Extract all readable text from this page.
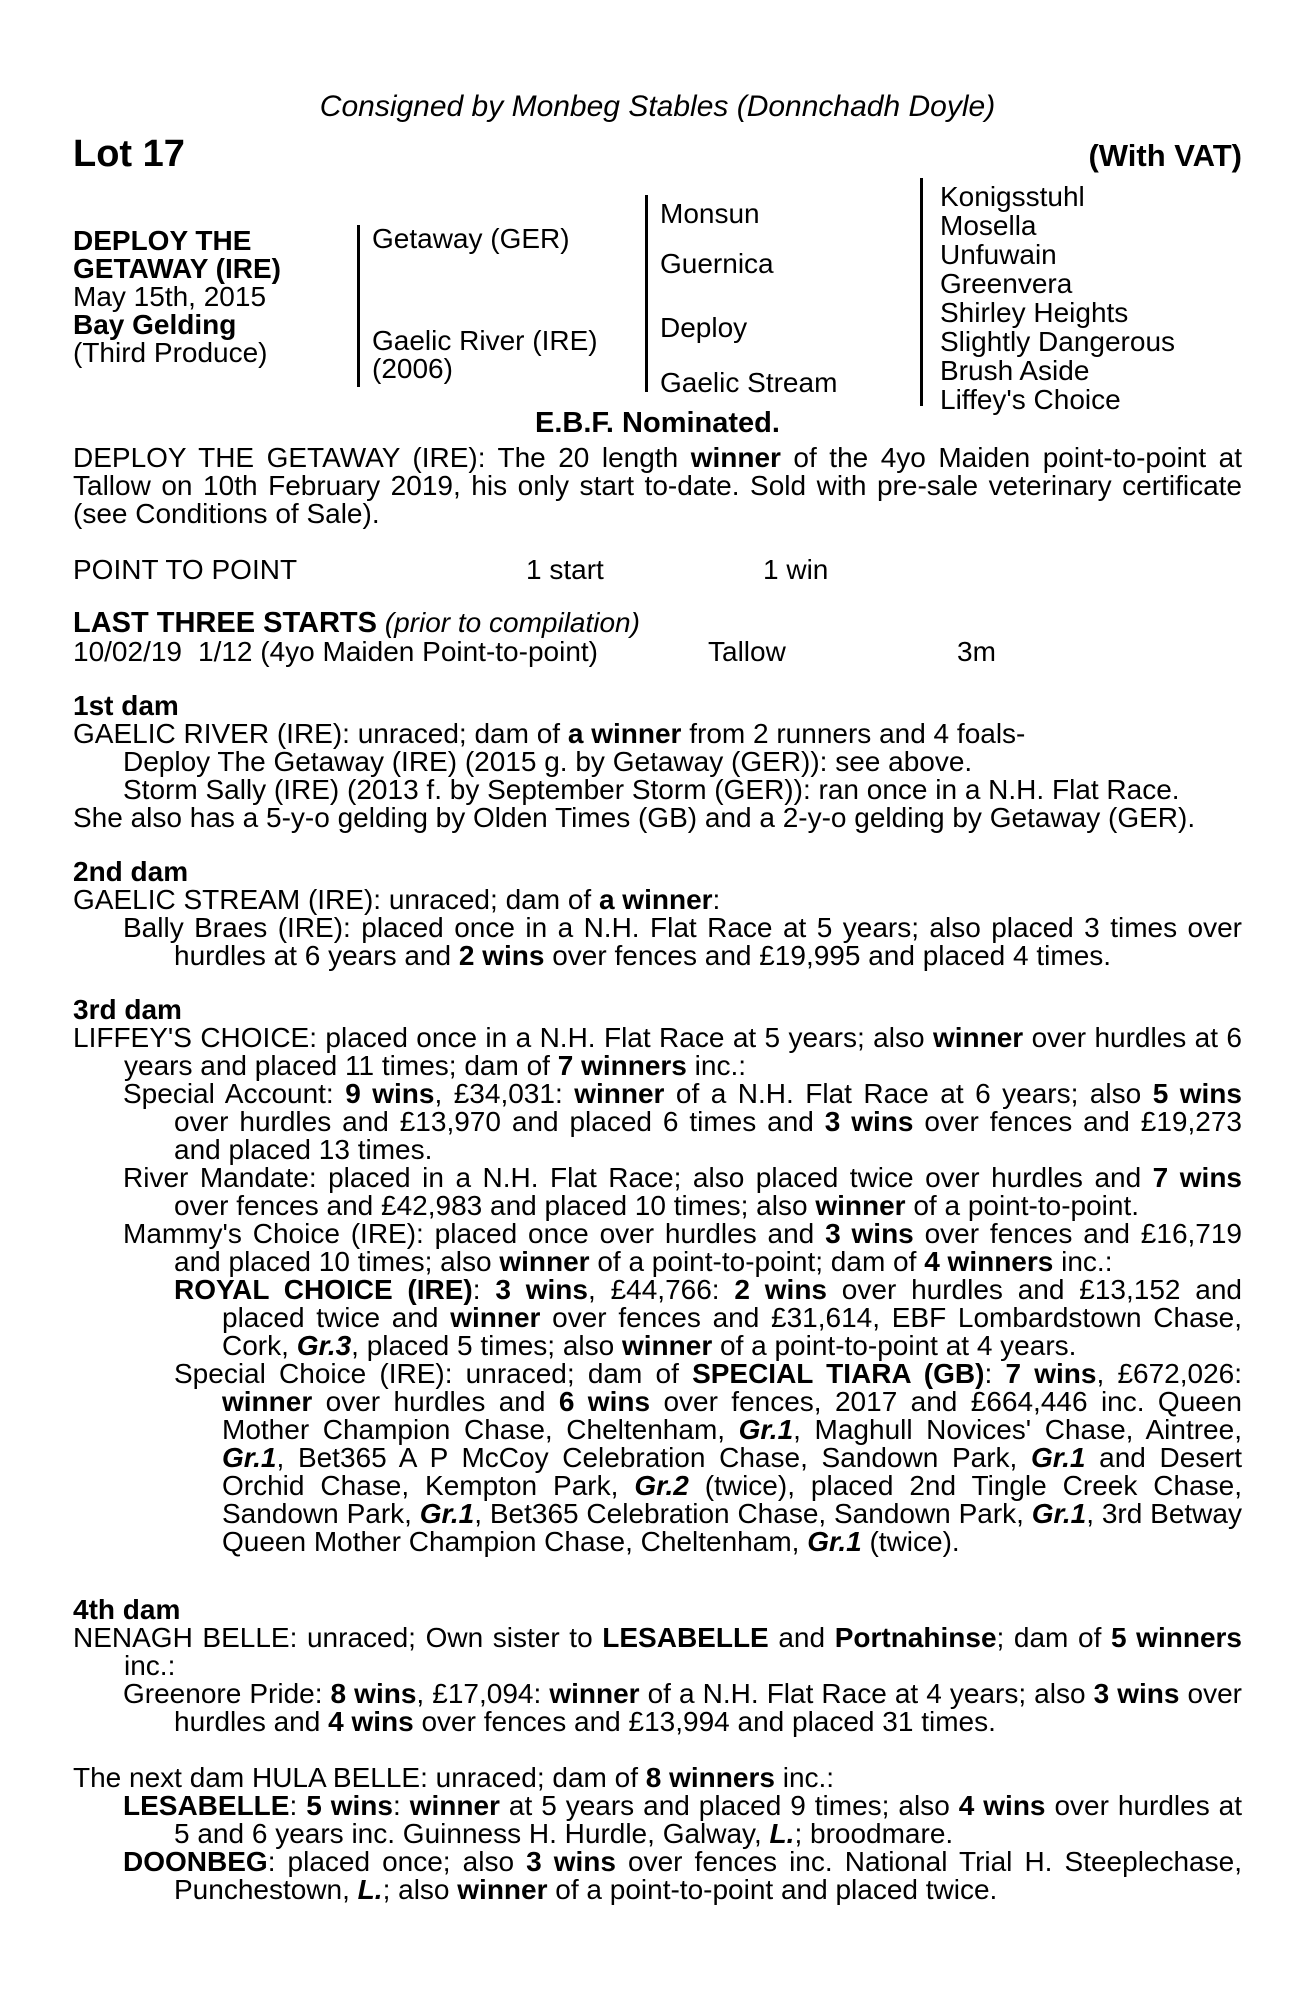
Consigned by Monbeg Stables (Donnchadh Doyle)
Lot 17	(With VAT)
DEPLOY THE
GETAWAY (IRE)
May 15th, 2015
Bay Gelding
(Third Produce)
Getaway (GER)
Gaelic River (IRE)
(2006)
Monsun
Guernica
Deploy
Gaelic Stream
Konigsstuhl
Mosella
Unfuwain
Greenvera
Shirley Heights
Slightly Dangerous
Brush Aside
Liffey's Choice
E.B.F. Nominated.

DEPLOY THE GETAWAY (IRE): The 20 length winner of the 4yo Maiden point-to-point at Tallow on 10th February 2019, his only start to-date. Sold with pre-sale veterinary certificate (see Conditions of Sale).

POINT TO POINT	1 start	1 win
LAST THREE STARTS (prior to compilation)
10/02/19 1/12 (4yo Maiden Point-to-point)	Tallow	3m
1st dam

GAELIC RIVER (IRE): unraced; dam of a winner from 2 runners and 4 foals-

Deploy The Getaway (IRE) (2015 g. by Getaway (GER)): see above.

Storm Sally (IRE) (2013 f. by September Storm (GER)): ran once in a N.H. Flat Race.

She also has a 5-y-o gelding by Olden Times (GB) and a 2-y-o gelding by Getaway (GER).

2nd dam

GAELIC STREAM (IRE): unraced; dam of a winner:

Bally Braes (IRE): placed once in a N.H. Flat Race at 5 years; also placed 3 times over hurdles at 6 years and 2 wins over fences and £19,995 and placed 4 times.

3rd dam

LIFFEY'S CHOICE: placed once in a N.H. Flat Race at 5 years; also winner over hurdles at 6 years and placed 11 times; dam of 7 winners inc.:

Special Account: 9 wins, £34,031: winner of a N.H. Flat Race at 6 years; also 5 wins over hurdles and £13,970 and placed 6 times and 3 wins over fences and £19,273 and placed 13 times.

River Mandate: placed in a N.H. Flat Race; also placed twice over hurdles and 7 wins over fences and £42,983 and placed 10 times; also winner of a point-to-point.

Mammy's Choice (IRE): placed once over hurdles and 3 wins over fences and £16,719 and placed 10 times; also winner of a point-to-point; dam of 4 winners inc.:

ROYAL CHOICE (IRE): 3 wins, £44,766: 2 wins over hurdles and £13,152 and placed twice and winner over fences and £31,614, EBF Lombardstown Chase, Cork, Gr.3, placed 5 times; also winner of a point-to-point at 4 years.

Special Choice (IRE): unraced; dam of SPECIAL TIARA (GB): 7 wins, £672,026: winner over hurdles and 6 wins over fences, 2017 and £664,446 inc. Queen Mother Champion Chase, Cheltenham, Gr.1, Maghull Novices' Chase, Aintree, Gr.1, Bet365 A P McCoy Celebration Chase, Sandown Park, Gr.1 and Desert Orchid Chase, Kempton Park, Gr.2 (twice), placed 2nd Tingle Creek Chase, Sandown Park, Gr.1, Bet365 Celebration Chase, Sandown Park, Gr.1, 3rd Betway Queen Mother Champion Chase, Cheltenham, Gr.1 (twice).

4th dam

NENAGH BELLE: unraced; Own sister to LESABELLE and Portnahinse; dam of 5 winners inc.:

Greenore Pride: 8 wins, £17,094: winner of a N.H. Flat Race at 4 years; also 3 wins over hurdles and 4 wins over fences and £13,994 and placed 31 times.

The next dam HULA BELLE: unraced; dam of 8 winners inc.:

LESABELLE: 5 wins: winner at 5 years and placed 9 times; also 4 wins over hurdles at 5 and 6 years inc. Guinness H. Hurdle, Galway, L.; broodmare.

DOONBEG: placed once; also 3 wins over fences inc. National Trial H. Steeplechase, Punchestown, L.; also winner of a point-to-point and placed twice.
